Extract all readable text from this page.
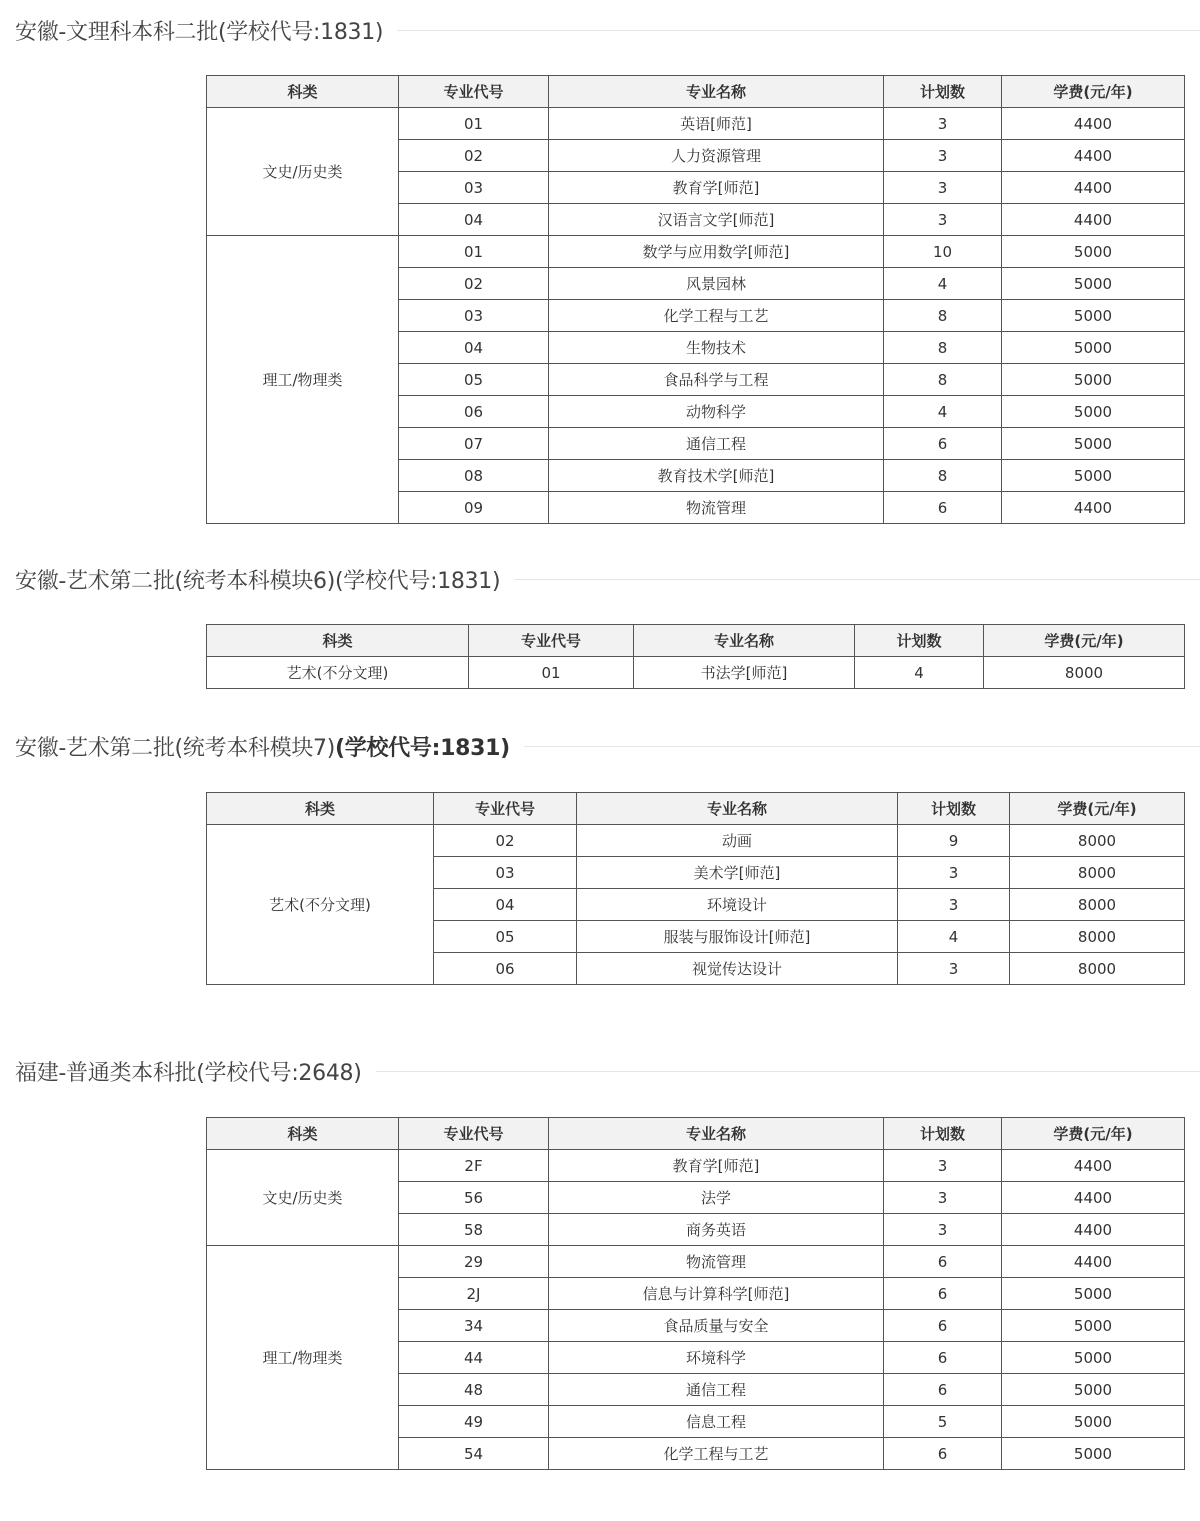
安徽-文理科本科二批(学校代号:1831)
科类	专业代号	专业名称	计划数	学费(元/年)
文史/历史类	01	英语[师范]	3	4400
	02	人力资源管理	3	4400
	03	教育学[师范]	3	4400
	04	汉语言文学[师范]	3	4400
理工/物理类	01	数学与应用数学[师范]	10	5000
	02	风景园林	4	5000
	03	化学工程与工艺	8	5000
	04	生物技术	8	5000
	05	食品科学与工程	8	5000
	06	动物科学	4	5000
	07	通信工程	6	5000
	08	教育技术学[师范]	8	5000
	09	物流管理	6	4400
安徽-艺术第二批(统考本科模块6)(学校代号:1831)
科类	专业代号	专业名称	计划数	学费(元/年)
艺术(不分文理)	01	书法学[师范]	4	8000
安徽-艺术第二批(统考本科模块7)(学校代号:1831)
科类	专业代号	专业名称	计划数	学费(元/年)
艺术(不分文理)	02	动画	9	8000
	03	美术学[师范]	3	8000
	04	环境设计	3	8000
	05	服装与服饰设计[师范]	4	8000
	06	视觉传达设计	3	8000
福建-普通类本科批(学校代号:2648)
科类	专业代号	专业名称	计划数	学费(元/年)
文史/历史类	2F	教育学[师范]	3	4400
	56	法学	3	4400
	58	商务英语	3	4400
理工/物理类	29	物流管理	6	4400
	2J	信息与计算科学[师范]	6	5000
	34	食品质量与安全	6	5000
	44	环境科学	6	5000
	48	通信工程	6	5000
	49	信息工程	5	5000
	54	化学工程与工艺	6	5000
